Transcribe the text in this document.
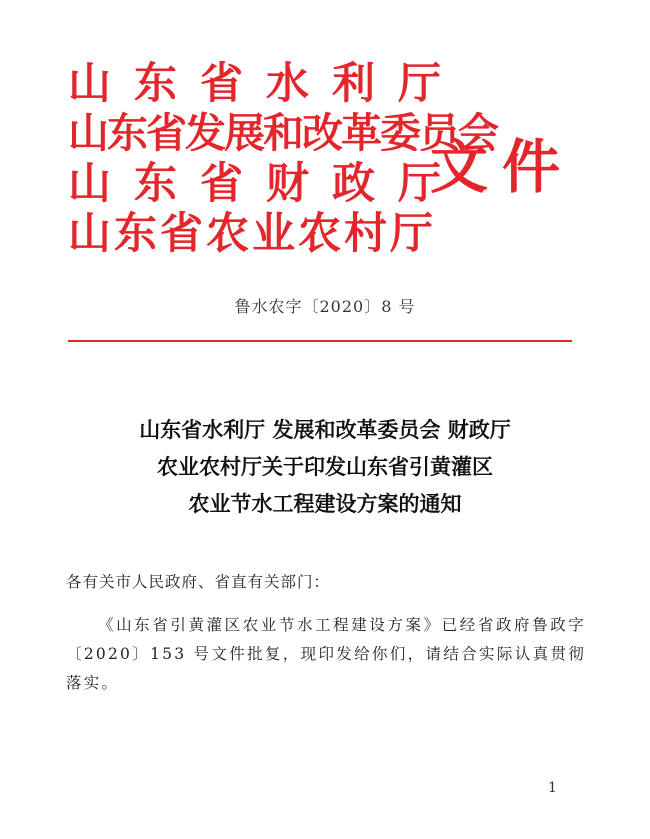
山东省水利厅
山东省发展和改革委员会
山东省财政厅
山东省农业农村厅
文件
鲁水农字〔2020〕8 号
山东省水利厅 发展和改革委员会 财政厅
农业农村厅关于印发山东省引黄灌区
农业节水工程建设方案的通知
各有关市人民政府、省直有关部门：

《山东省引黄灌区农业节水工程建设方案》已经省政府鲁政字〔2020〕153 号文件批复，现印发给你们，请结合实际认真贯彻落实。

1
